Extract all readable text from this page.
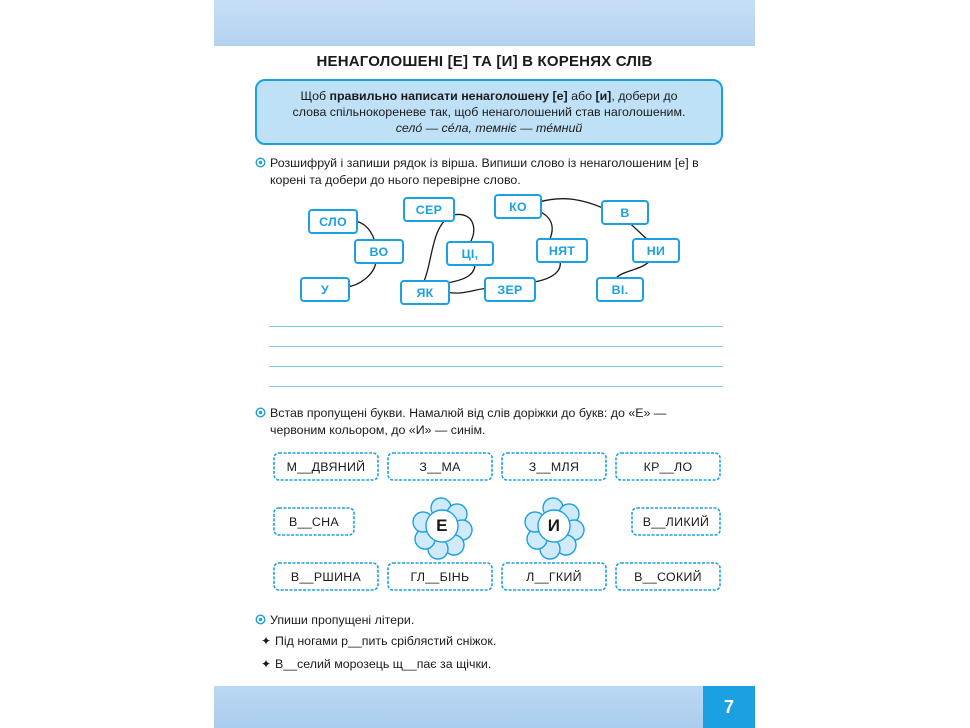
НЕНАГОЛОШЕНІ [Е] ТА [И] В КОРЕНЯХ СЛІВ
Щоб правильно написати ненаголошену [е] або [и], добери до
слова спільнокореневе так, щоб ненаголошений став наголошеним.
село́ — се́ла, темніє — те́мний
Розшифруй і запиши рядок із вірша. Випиши слово із ненаголошеним [е] в корені та добери до нього перевірне слово.
СЛО
ВО
У
СЕР
ЦІ,
ЯК	ЗЕР
КО
НЯТ
В
НИ
ВІ.
Встав пропущені букви. Намалюй від слів доріжки до букв: до «Е» — червоним кольором, до «И» — синім.
М__ДВЯНИЙ	З__МА	З__МЛЯ	КР__ЛО
В__СНА	В__ЛИКИЙ
В__РШИНА	ГЛ__БІНЬ	Л__ГКИЙ	В__СОКИЙ
Е	И
Упиши пропущені літери.
✦ Під ногами р__пить сріблястий сніжок.
✦ В__селий морозець щ__пає за щічки.
7
